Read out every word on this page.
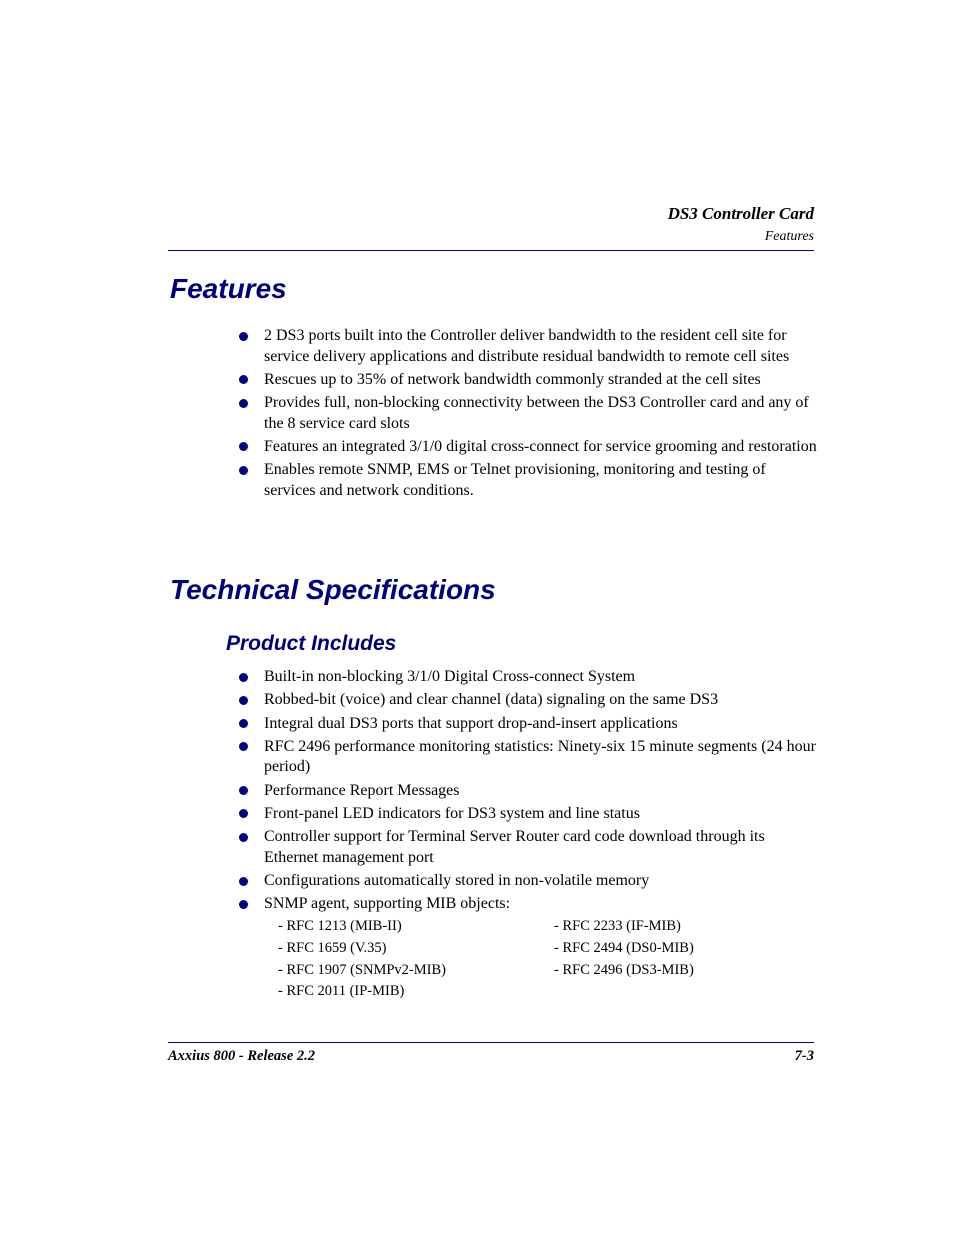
DS3 Controller Card
Features
Features
2 DS3 ports built into the Controller deliver bandwidth to the resident cell site for service delivery applications and distribute residual bandwidth to remote cell sites
Rescues up to 35% of network bandwidth commonly stranded at the cell sites
Provides full, non-blocking connectivity between the DS3 Controller card and any of the 8 service card slots
Features an integrated 3/1/0 digital cross-connect for service grooming and restoration
Enables remote SNMP, EMS or Telnet provisioning, monitoring and testing of services and network conditions.
Technical Specifications
Product Includes
Built-in non-blocking 3/1/0 Digital Cross-connect System
Robbed-bit (voice) and clear channel (data) signaling on the same DS3
Integral dual DS3 ports that support drop-and-insert applications
RFC 2496 performance monitoring statistics: Ninety-six 15 minute segments (24 hour period)
Performance Report Messages
Front-panel LED indicators for DS3 system and line status
Controller support for Terminal Server Router card code download through its Ethernet management port
Configurations automatically stored in non-volatile memory
SNMP agent, supporting MIB objects:
- RFC 1213 (MIB-II)
- RFC 1659 (V.35)
- RFC 1907 (SNMPv2-MIB)
- RFC 2011 (IP-MIB)
- RFC 2233 (IF-MIB)
- RFC 2494 (DS0-MIB)
- RFC 2496 (DS3-MIB)
Axxius 800 - Release 2.2	7-3
